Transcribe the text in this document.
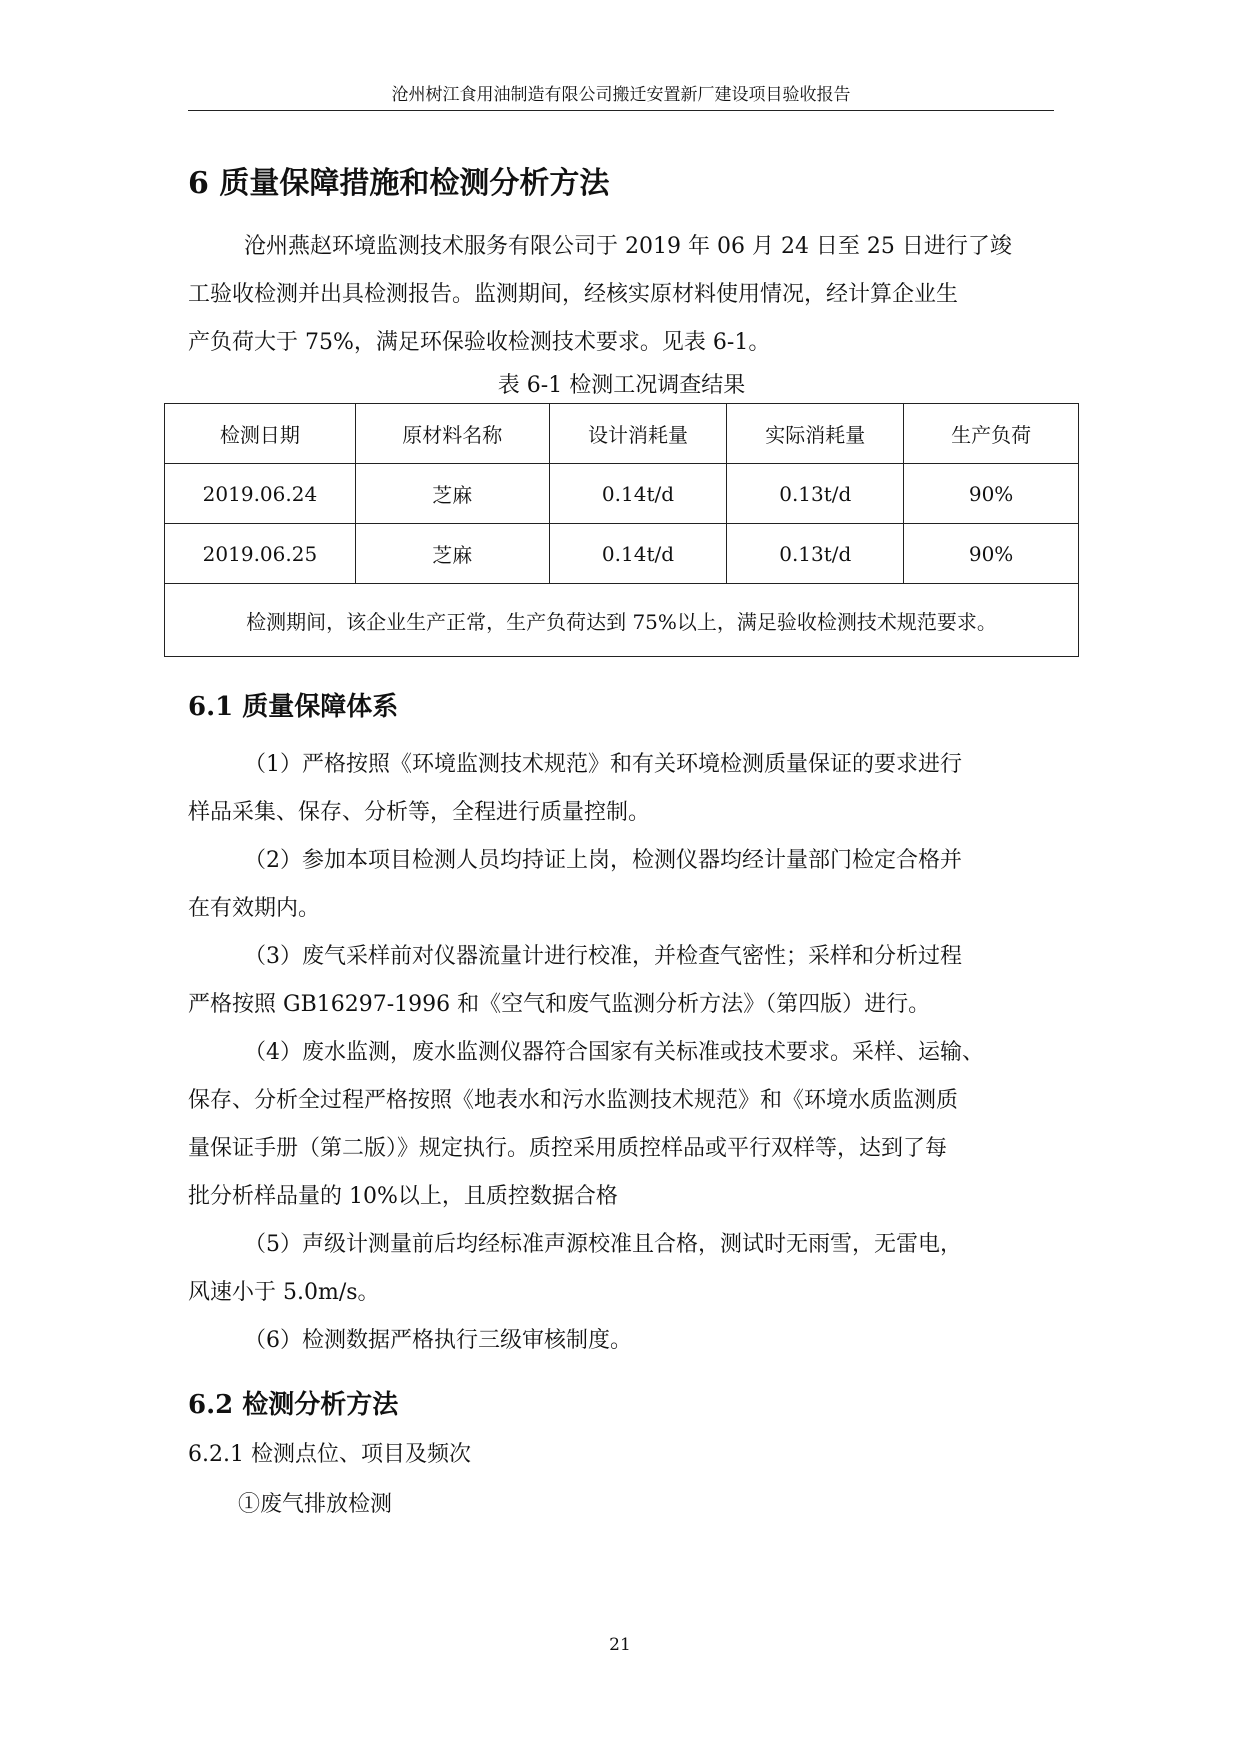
沧州树江食用油制造有限公司搬迁安置新厂建设项目验收报告
6 质量保障措施和检测分析方法
沧州燕赵环境监测技术服务有限公司于 2019 年 06 月 24 日至 25 日进行了竣
工验收检测并出具检测报告。监测期间，经核实原材料使用情况，经计算企业生
产负荷大于 75%，满足环保验收检测技术要求。见表 6-1。
表 6-1 检测工况调查结果
检测日期	原材料名称	设计消耗量	实际消耗量	生产负荷
2019.06.24	芝麻	0.14t/d	0.13t/d	90%
2019.06.25	芝麻	0.14t/d	0.13t/d	90%
检测期间，该企业生产正常，生产负荷达到 75%以上，满足验收检测技术规范要求。				
6.1 质量保障体系
（1）严格按照《环境监测技术规范》和有关环境检测质量保证的要求进行
样品采集、保存、分析等，全程进行质量控制。
（2）参加本项目检测人员均持证上岗，检测仪器均经计量部门检定合格并
在有效期内。
（3）废气采样前对仪器流量计进行校准，并检查气密性；采样和分析过程
严格按照 GB16297-1996 和《空气和废气监测分析方法》（第四版）进行。
（4）废水监测，废水监测仪器符合国家有关标准或技术要求。采样、运输、
保存、分析全过程严格按照《地表水和污水监测技术规范》和《环境水质监测质
量保证手册（第二版）》规定执行。质控采用质控样品或平行双样等，达到了每
批分析样品量的 10%以上，且质控数据合格
（5）声级计测量前后均经标准声源校准且合格，测试时无雨雪，无雷电，
风速小于 5.0m/s。
（6）检测数据严格执行三级审核制度。
6.2 检测分析方法
6.2.1 检测点位、项目及频次
①废气排放检测
21
